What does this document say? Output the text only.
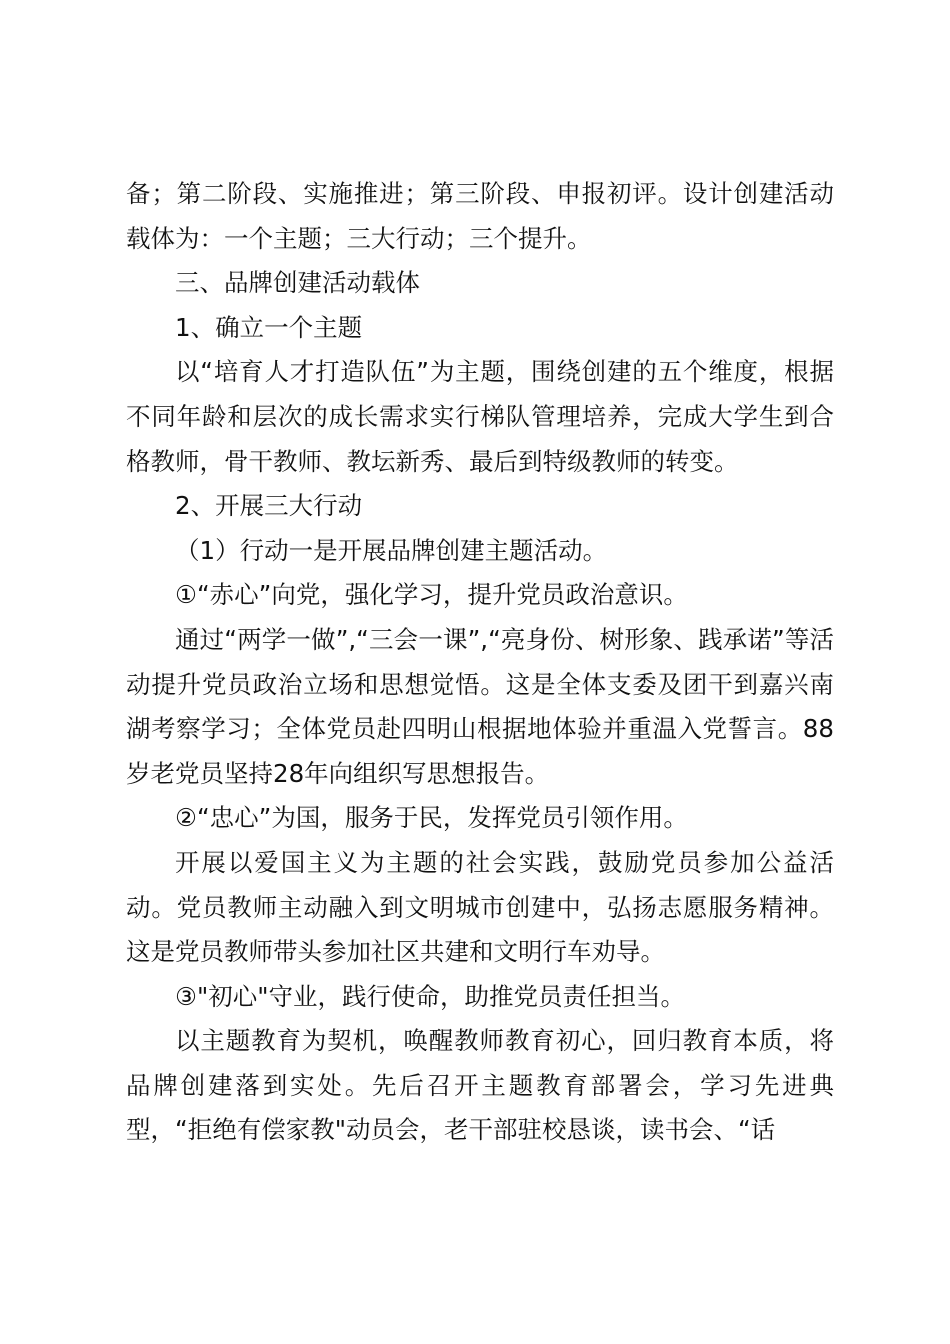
备；第二阶段、实施推进；第三阶段、申报初评。设计创建活动载体为：一个主题；三大行动；三个提升。

三、品牌创建活动载体

1、确立一个主题

以“培育人才打造队伍”为主题，围绕创建的五个维度，根据不同年龄和层次的成长需求实行梯队管理培养，完成大学生到合格教师，骨干教师、教坛新秀、最后到特级教师的转变。

2、开展三大行动

（1）行动一是开展品牌创建主题活动。

①“赤心”向党，强化学习，提升党员政治意识。

通过“两学一做”,“三会一课”,“亮身份、树形象、践承诺”等活动提升党员政治立场和思想觉悟。这是全体支委及团干到嘉兴南湖考察学习；全体党员赴四明山根据地体验并重温入党誓言。88岁老党员坚持28年向组织写思想报告。

②“忠心”为国，服务于民，发挥党员引领作用。

开展以爱国主义为主题的社会实践，鼓励党员参加公益活动。党员教师主动融入到文明城市创建中，弘扬志愿服务精神。这是党员教师带头参加社区共建和文明行车劝导。

③"初心"守业，践行使命，助推党员责任担当。

以主题教育为契机，唤醒教师教育初心，回归教育本质，将品牌创建落到实处。先后召开主题教育部署会，学习先进典型，“拒绝有偿家教"动员会，老干部驻校恳谈，读书会、“话
